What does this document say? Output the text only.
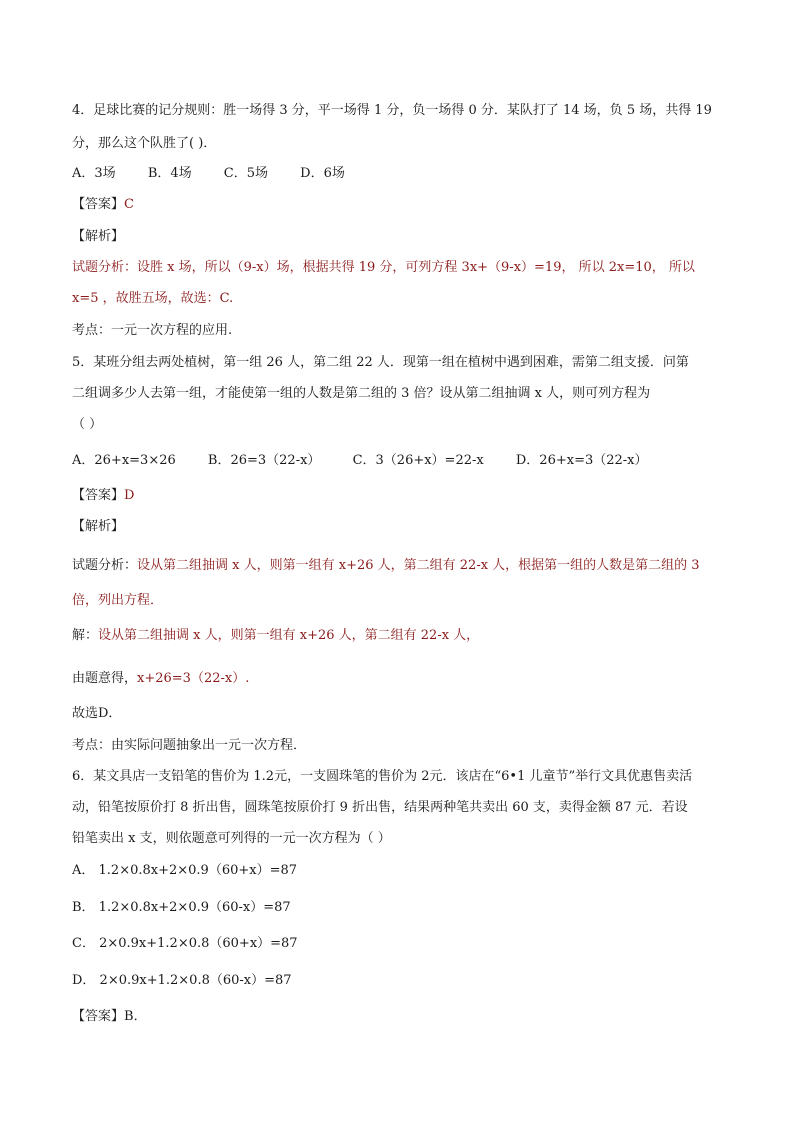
4．足球比赛的记分规则：胜一场得 3 分，平一场得 1 分，负一场得 0 分．某队打了 14 场，负 5 场，共得 19
分，那么这个队胜了( )．
A．3场 B．4场 C．5场 D．6场
【答案】C
【解析】
试题分析：设胜 x 场，所以（9-x）场，根据共得 19 分，可列方程 3x+（9-x）=19， 所以 2x=10， 所以
x=5 ，故胜五场，故选：C.
考点：一元一次方程的应用.
5．某班分组去两处植树，第一组 26 人，第二组 22 人．现第一组在植树中遇到困难，需第二组支援．问第
二组调多少人去第一组，才能使第一组的人数是第二组的 3 倍？设从第二组抽调 x 人，则可列方程为
（ ）
A．26+x=3×26 B．26=3（22-x） C．3（26+x）=22-x D．26+x=3（22-x）
【答案】D
【解析】
试题分析：设从第二组抽调 x 人，则第一组有 x+26 人，第二组有 22-x 人，根据第一组的人数是第二组的 3
倍，列出方程．
解：设从第二组抽调 x 人，则第一组有 x+26 人，第二组有 22-x 人，
由题意得，x+26=3（22-x）.
故选D．
考点：由实际问题抽象出一元一次方程．
6．某文具店一支铅笔的售价为 1.2元，一支圆珠笔的售价为 2元．该店在“6•1 儿童节”举行文具优惠售卖活
动，铅笔按原价打 8 折出售，圆珠笔按原价打 9 折出售，结果两种笔共卖出 60 支，卖得金额 87 元．若设
铅笔卖出 x 支，则依题意可列得的一元一次方程为（ ）
A． 1.2×0.8x+2×0.9（60+x）=87
B． 1.2×0.8x+2×0.9（60-x）=87
C． 2×0.9x+1.2×0.8（60+x）=87
D． 2×0.9x+1.2×0.8（60-x）=87
【答案】B．
